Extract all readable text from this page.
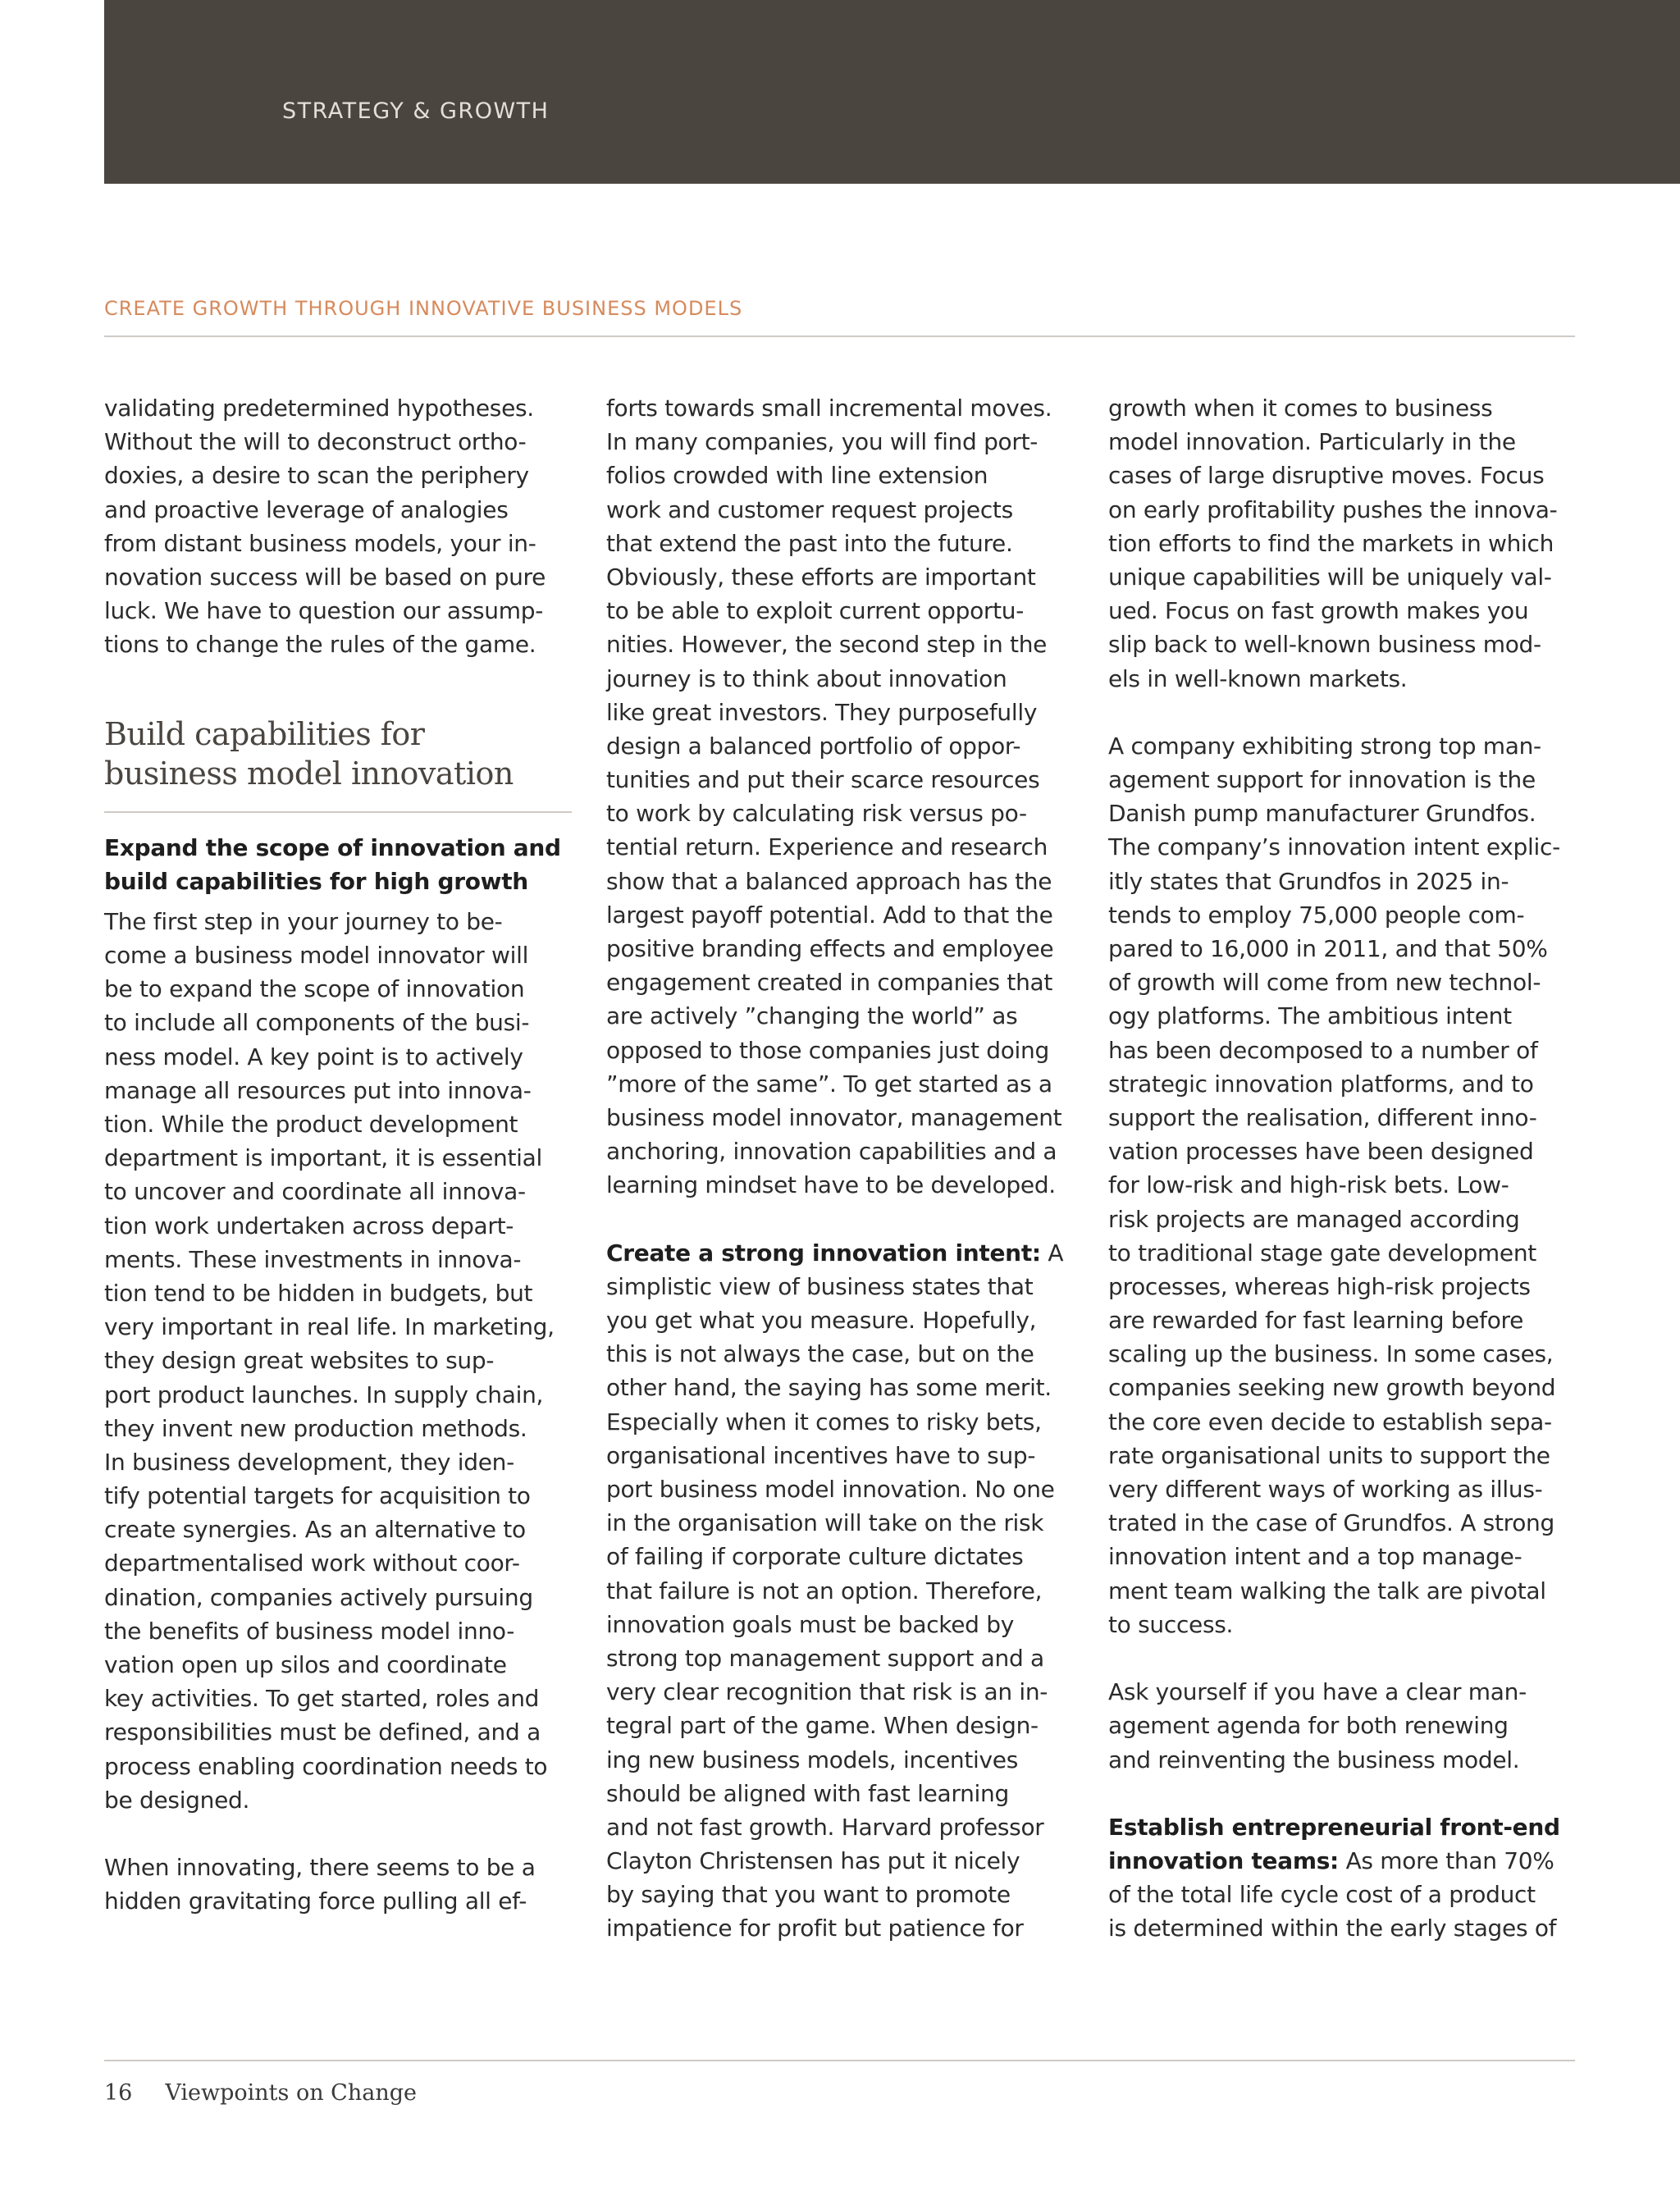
STRATEGY & GROWTH
CREATE GROWTH THROUGH INNOVATIVE BUSINESS MODELS
validating predetermined hypotheses.
Without the will to deconstruct ortho-
doxies, a desire to scan the periphery
and proactive leverage of analogies
from distant business models, your in-
novation success will be based on pure
luck. We have to question our assump-
tions to change the rules of the game.
Build capabilities for
business model innovation
Expand the scope of innovation and
build capabilities for high growth
The first step in your journey to be-
come a business model innovator will
be to expand the scope of innovation
to include all components of the busi-
ness model. A key point is to actively
manage all resources put into innova-
tion. While the product development
department is important, it is essential
to uncover and coordinate all innova-
tion work undertaken across depart-
ments. These investments in innova-
tion tend to be hidden in budgets, but
very important in real life. In marketing,
they design great websites to sup-
port product launches. In supply chain,
they invent new production methods.
In business development, they iden-
tify potential targets for acquisition to
create synergies. As an alternative to
departmentalised work without coor-
dination, companies actively pursuing
the benefits of business model inno-
vation open up silos and coordinate
key activities. To get started, roles and
responsibilities must be defined, and a
process enabling coordination needs to
be designed.
When innovating, there seems to be a
hidden gravitating force pulling all ef-
forts towards small incremental moves.
In many companies, you will find port-
folios crowded with line extension
work and customer request projects
that extend the past into the future.
Obviously, these efforts are important
to be able to exploit current opportu-
nities. However, the second step in the
journey is to think about innovation
like great investors. They purposefully
design a balanced portfolio of oppor-
tunities and put their scarce resources
to work by calculating risk versus po-
tential return. Experience and research
show that a balanced approach has the
largest payoff potential. Add to that the
positive branding effects and employee
engagement created in companies that
are actively ”changing the world” as
opposed to those companies just doing
”more of the same”. To get started as a
business model innovator, management
anchoring, innovation capabilities and a
learning mindset have to be developed.
Create a strong innovation intent: A
simplistic view of business states that
you get what you measure. Hopefully,
this is not always the case, but on the
other hand, the saying has some merit.
Especially when it comes to risky bets,
organisational incentives have to sup-
port business model innovation. No one
in the organisation will take on the risk
of failing if corporate culture dictates
that failure is not an option. Therefore,
innovation goals must be backed by
strong top management support and a
very clear recognition that risk is an in-
tegral part of the game. When design-
ing new business models, incentives
should be aligned with fast learning
and not fast growth. Harvard professor
Clayton Christensen has put it nicely
by saying that you want to promote
impatience for profit but patience for
growth when it comes to business
model innovation. Particularly in the
cases of large disruptive moves. Focus
on early profitability pushes the innova-
tion efforts to find the markets in which
unique capabilities will be uniquely val-
ued. Focus on fast growth makes you
slip back to well-known business mod-
els in well-known markets.
A company exhibiting strong top man-
agement support for innovation is the
Danish pump manufacturer Grundfos.
The company’s innovation intent explic-
itly states that Grundfos in 2025 in-
tends to employ 75,000 people com-
pared to 16,000 in 2011, and that 50%
of growth will come from new technol-
ogy platforms. The ambitious intent
has been decomposed to a number of
strategic innovation platforms, and to
support the realisation, different inno-
vation processes have been designed
for low-risk and high-risk bets. Low-
risk projects are managed according
to traditional stage gate development
processes, whereas high-risk projects
are rewarded for fast learning before
scaling up the business. In some cases,
companies seeking new growth beyond
the core even decide to establish sepa-
rate organisational units to support the
very different ways of working as illus-
trated in the case of Grundfos. A strong
innovation intent and a top manage-
ment team walking the talk are pivotal
to success.
Ask yourself if you have a clear man-
agement agenda for both renewing
and reinventing the business model.
Establish entrepreneurial front-end
innovation teams: As more than 70%
of the total life cycle cost of a product
is determined within the early stages of
16 Viewpoints on Change
